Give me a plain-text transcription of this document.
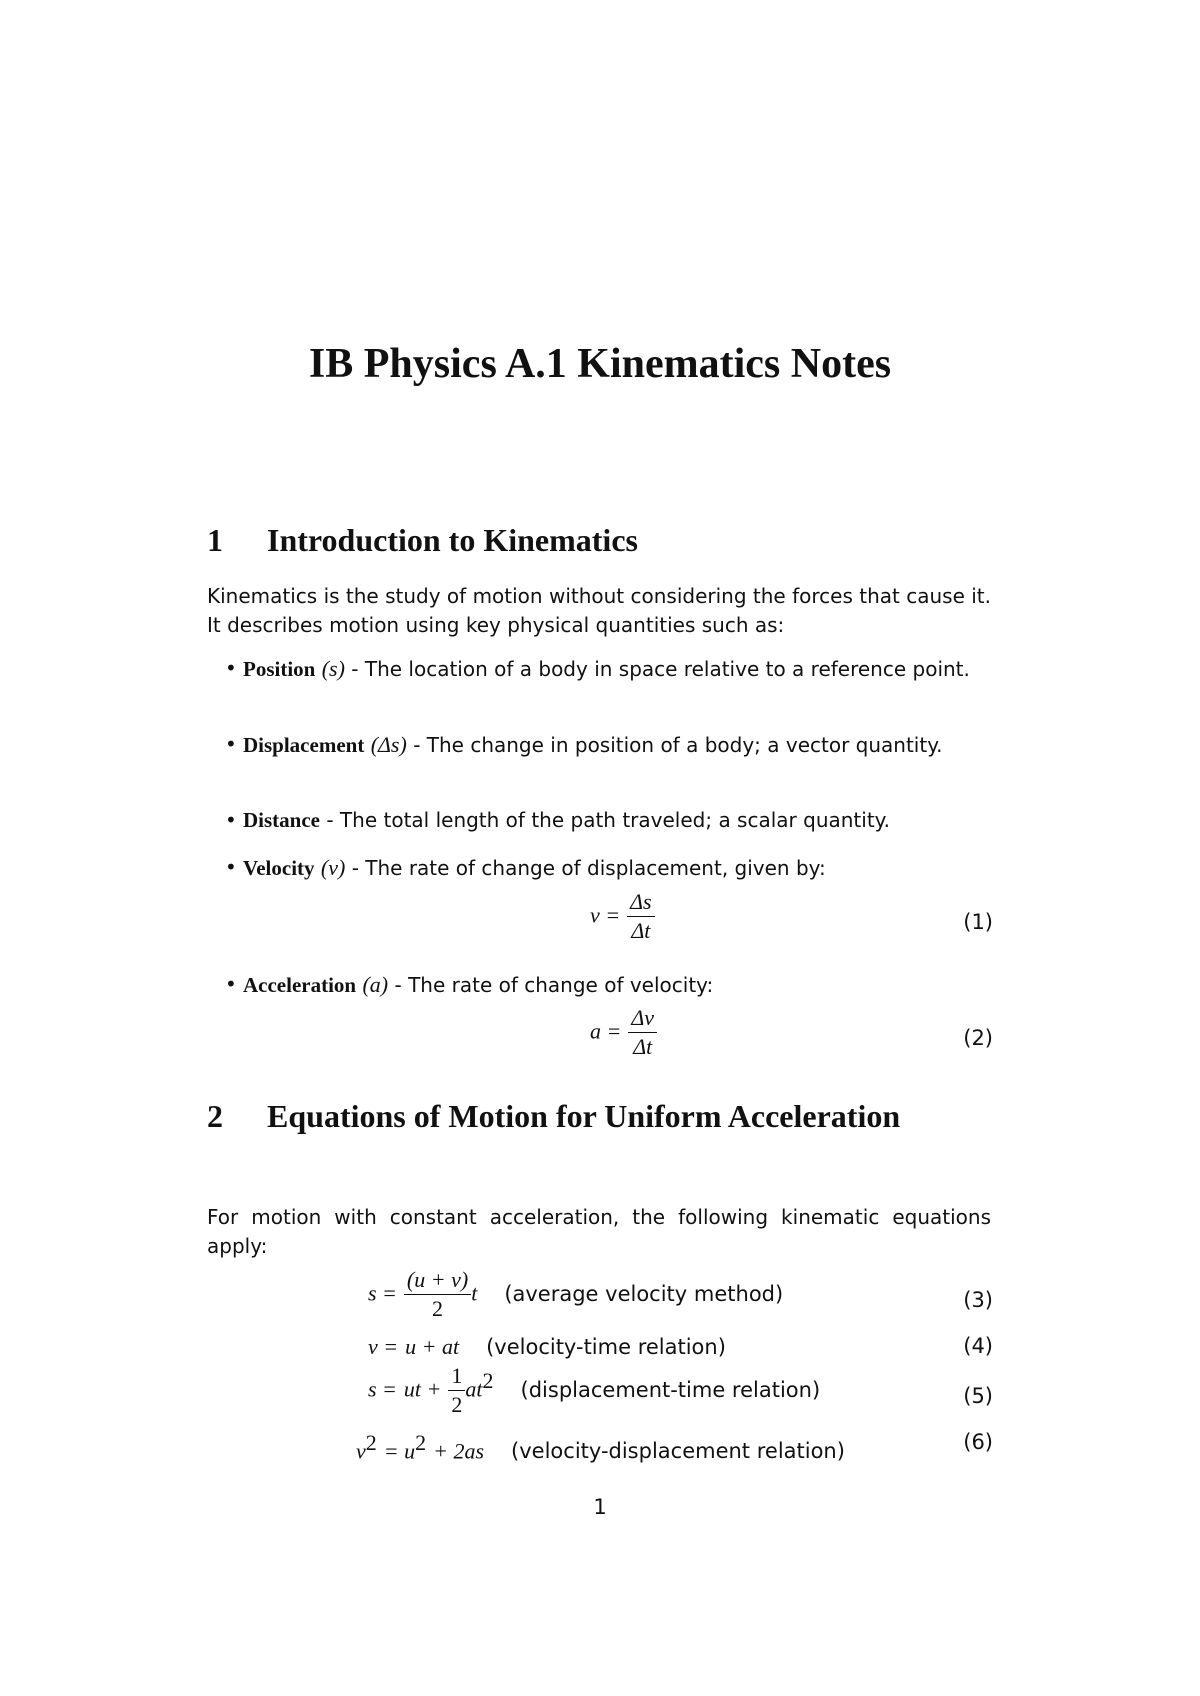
IB Physics A.1 Kinematics Notes
1 Introduction to Kinematics

Kinematics is the study of motion without considering the forces that cause it. It describes motion using key physical quantities such as:

• Position (s) - The location of a body in space relative to a reference point.
• Displacement (Δs) - The change in position of a body; a vector quantity.
• Distance - The total length of the path traveled; a scalar quantity.
• Velocity (v) - The rate of change of displacement, given by:
$v = \frac{\Delta s}{\Delta t}$	(1)
• Acceleration (a) - The rate of change of velocity:
$a = \frac{\Delta v}{\Delta t}$	(2)
2 Equations of Motion for Uniform Acceleration

For motion with constant acceleration, the following kinematic equations apply:

$s = \frac{(u + v)}{2}$ t (average velocity method)	(3)
v = u + at (velocity-time relation)	(4)
s = ut + $\frac{1}{2} at^2$ (displacement-time relation)	(5)
$v^2 = u^2 + 2as$ (velocity-displacement relation)	(6)
1
